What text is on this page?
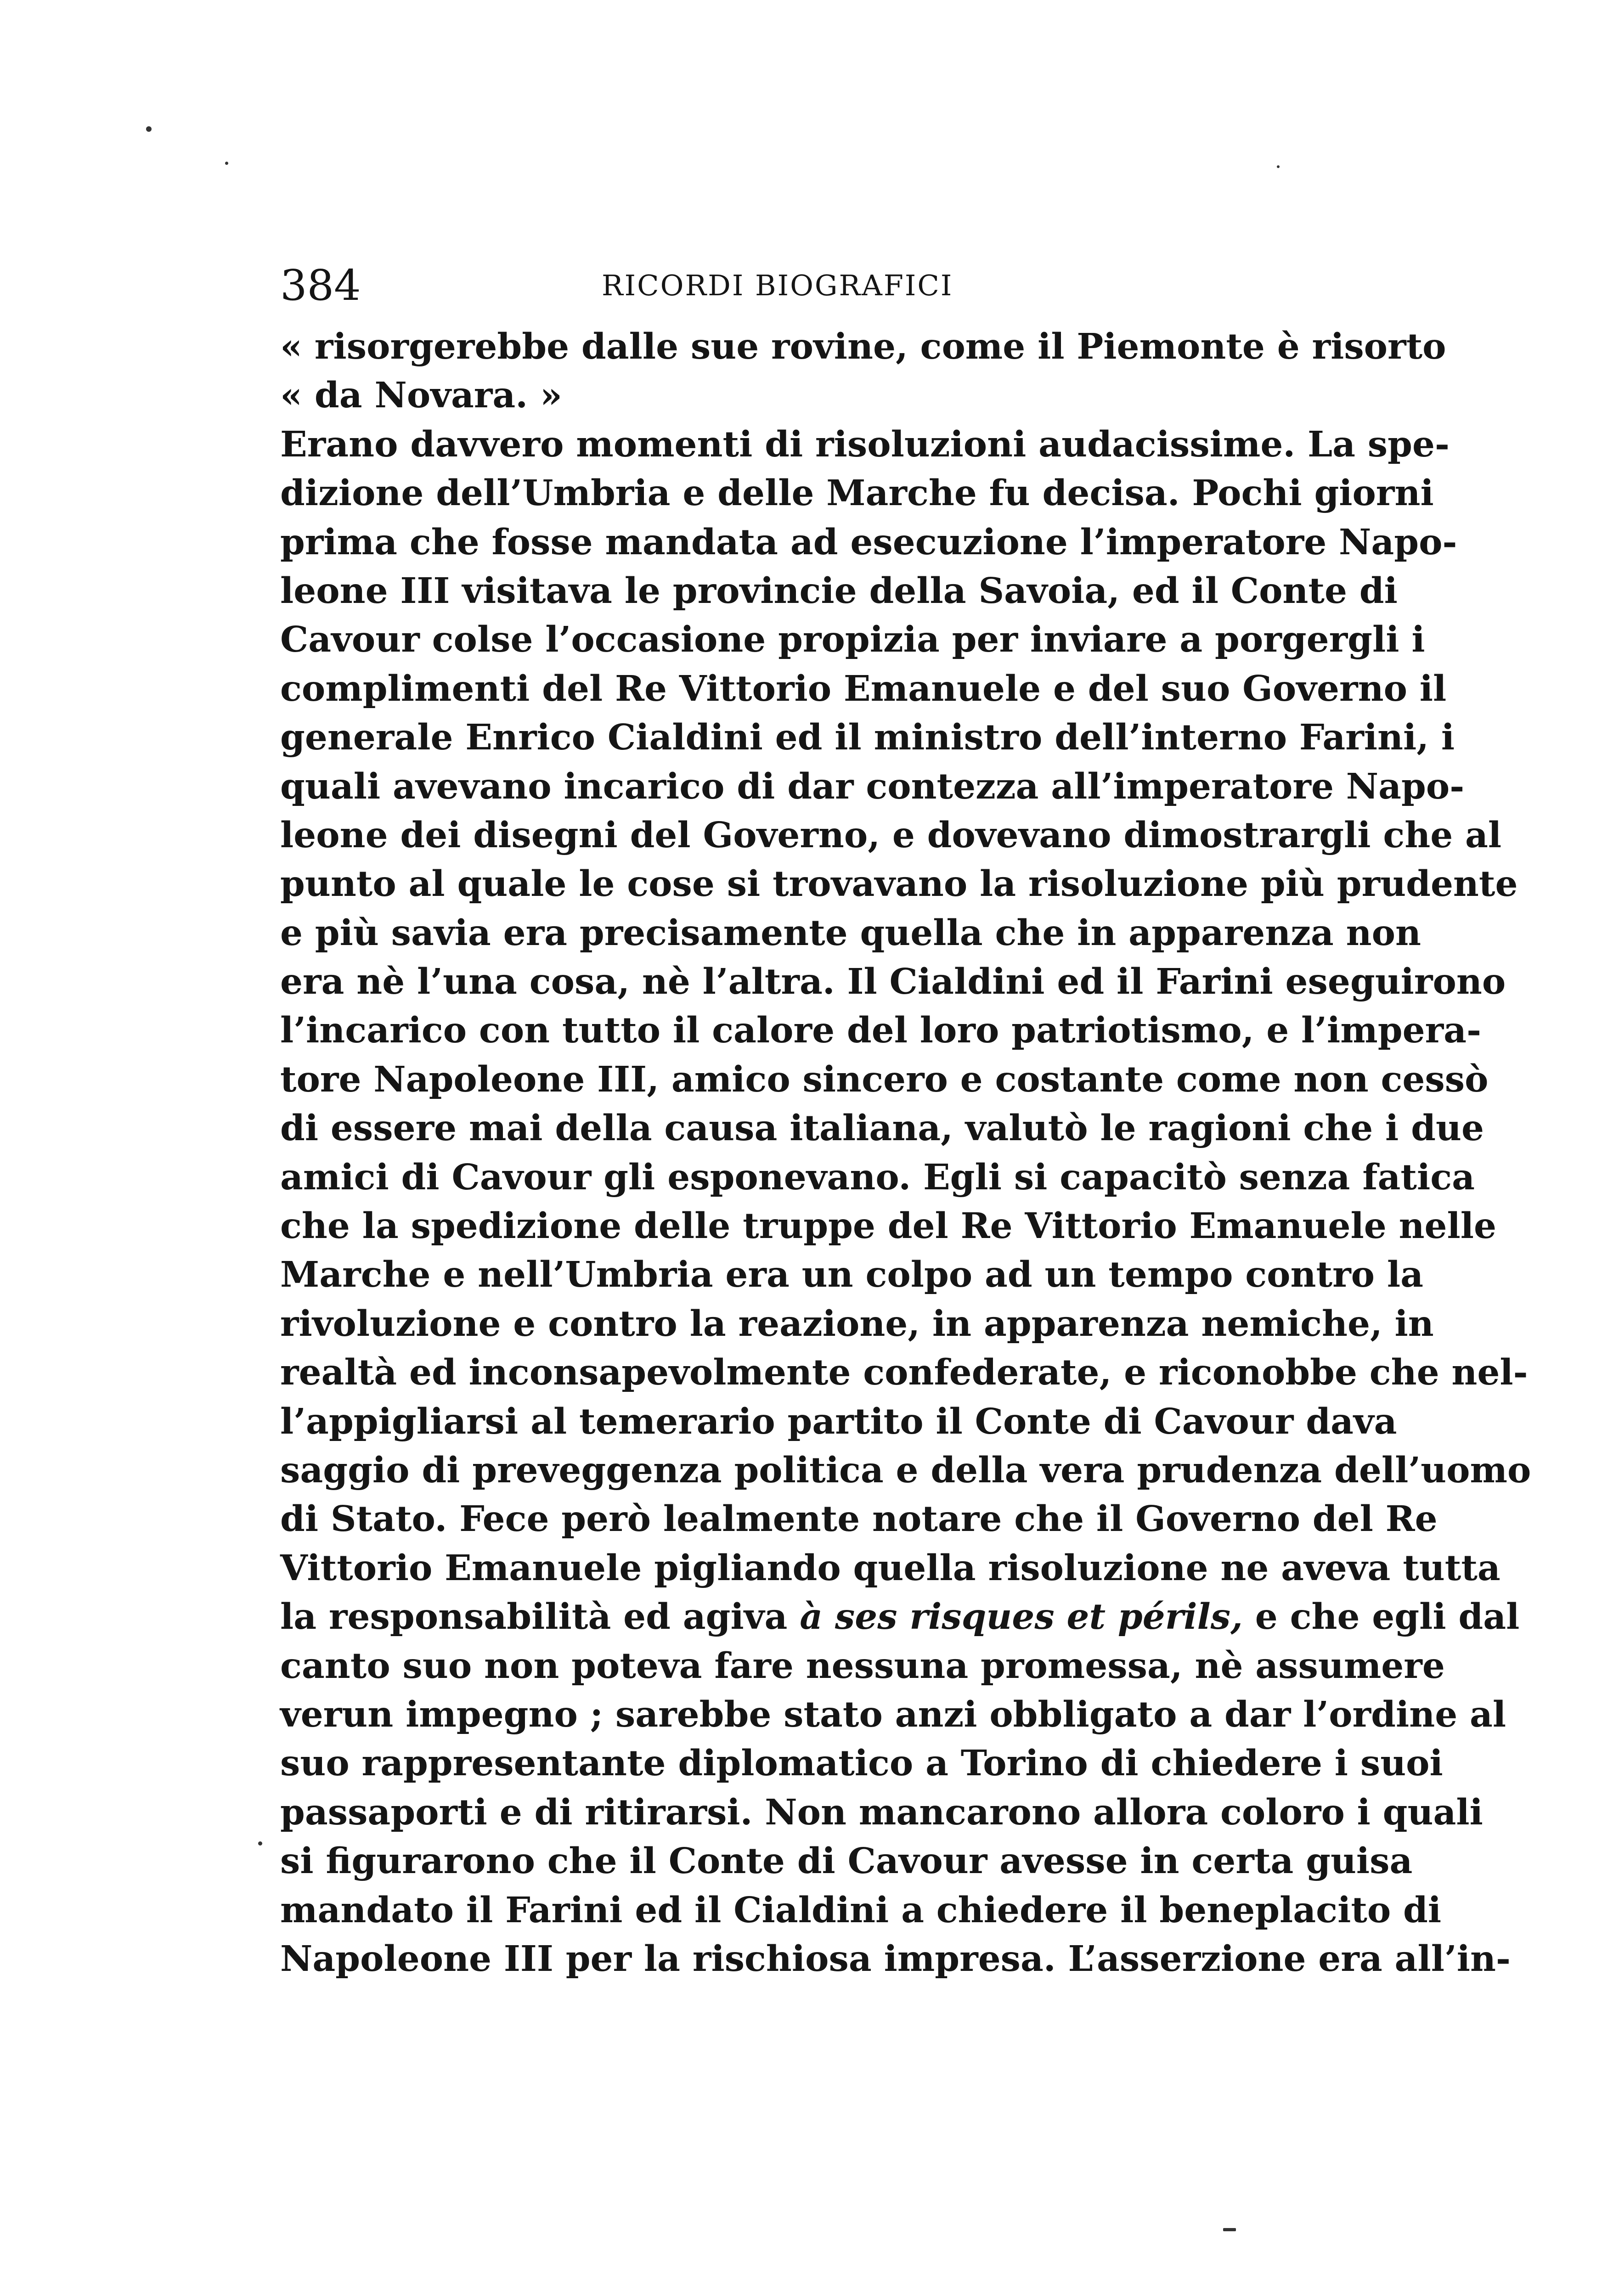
384	RICORDI BIOGRAFICI
« risorgerebbe dalle sue rovine, come il Piemonte è risorto
« da Novara. »
Erano davvero momenti di risoluzioni audacissime. La spe-
dizione dell’Umbria e delle Marche fu decisa. Pochi giorni
prima che fosse mandata ad esecuzione l’imperatore Napo-
leone III visitava le provincie della Savoia, ed il Conte di
Cavour colse l’occasione propizia per inviare a porgergli i
complimenti del Re Vittorio Emanuele e del suo Governo il
generale Enrico Cialdini ed il ministro dell’interno Farini, i
quali avevano incarico di dar contezza all’imperatore Napo-
leone dei disegni del Governo, e dovevano dimostrargli che al
punto al quale le cose si trovavano la risoluzione più prudente
e più savia era precisamente quella che in apparenza non
era nè l’una cosa, nè l’altra. Il Cialdini ed il Farini eseguirono
l’incarico con tutto il calore del loro patriotismo, e l’impera-
tore Napoleone III, amico sincero e costante come non cessò
di essere mai della causa italiana, valutò le ragioni che i due
amici di Cavour gli esponevano. Egli si capacitò senza fatica
che la spedizione delle truppe del Re Vittorio Emanuele nelle
Marche e nell’Umbria era un colpo ad un tempo contro la
rivoluzione e contro la reazione, in apparenza nemiche, in
realtà ed inconsapevolmente confederate, e riconobbe che nel-
l’appigliarsi al temerario partito il Conte di Cavour dava
saggio di preveggenza politica e della vera prudenza dell’uomo
di Stato. Fece però lealmente notare che il Governo del Re
Vittorio Emanuele pigliando quella risoluzione ne aveva tutta
la responsabilità ed agiva à ses risques et périls, e che egli dal
canto suo non poteva fare nessuna promessa, nè assumere
verun impegno ; sarebbe stato anzi obbligato a dar l’ordine al
suo rappresentante diplomatico a Torino di chiedere i suoi
passaporti e di ritirarsi. Non mancarono allora coloro i quali
si figurarono che il Conte di Cavour avesse in certa guisa
mandato il Farini ed il Cialdini a chiedere il beneplacito di
Napoleone III per la rischiosa impresa. L’asserzione era all’in-
